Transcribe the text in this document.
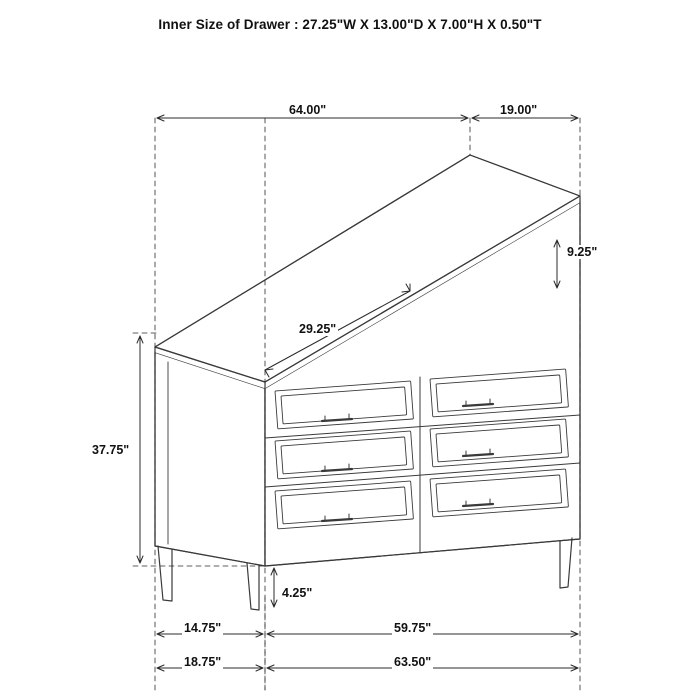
Inner Size of Drawer : 27.25"W X 13.00"D X 7.00"H X 0.50"T
64.00"	19.00"
9.25"
29.25"
37.75"
4.25"
14.75"	59.75"
18.75"	63.50"
